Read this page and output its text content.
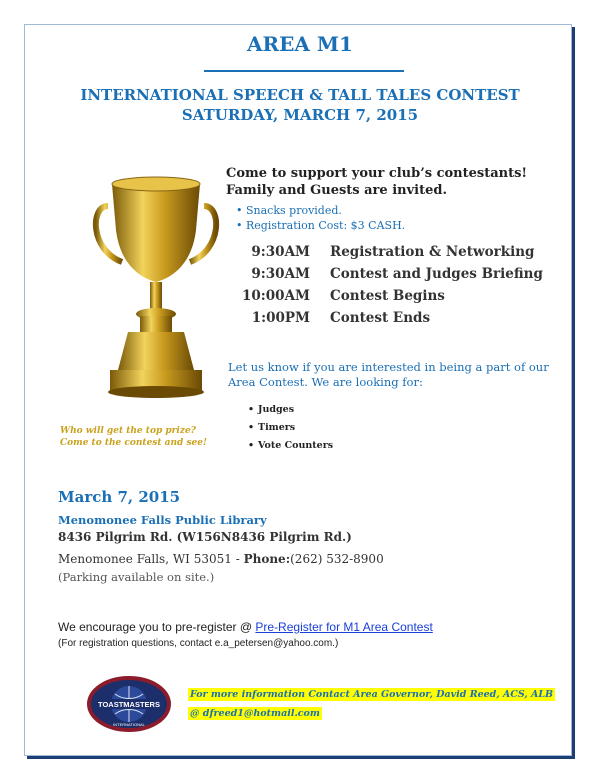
AREA M1
INTERNATIONAL SPEECH & TALL TALES CONTEST
SATURDAY, MARCH 7, 2015
Come to support your club’s contestants!
Family and Guests are invited.
• Snacks provided.
• Registration Cost: $3 CASH.
9:30AM Registration & Networking
9:30AM Contest and Judges Briefing
10:00AM Contest Begins
1:00PM Contest Ends
Let us know if you are interested in being a part of our Area Contest. We are looking for:
• Judges
• Timers
• Vote Counters
Who will get the top prize?
Come to the contest and see!
March 7, 2015
Menomonee Falls Public Library
8436 Pilgrim Rd. (W156N8436 Pilgrim Rd.)
Menomonee Falls, WI 53051 - Phone:(262) 532-8900
(Parking available on site.)
We encourage you to pre-register @ Pre-Register for M1 Area Contest
(For registration questions, contact e.a_petersen@yahoo.com.)
TOASTMASTERS
INTERNATIONAL
For more information Contact Area Governor, David Reed, ACS, ALB
@ dfreed1@hotmail.com
